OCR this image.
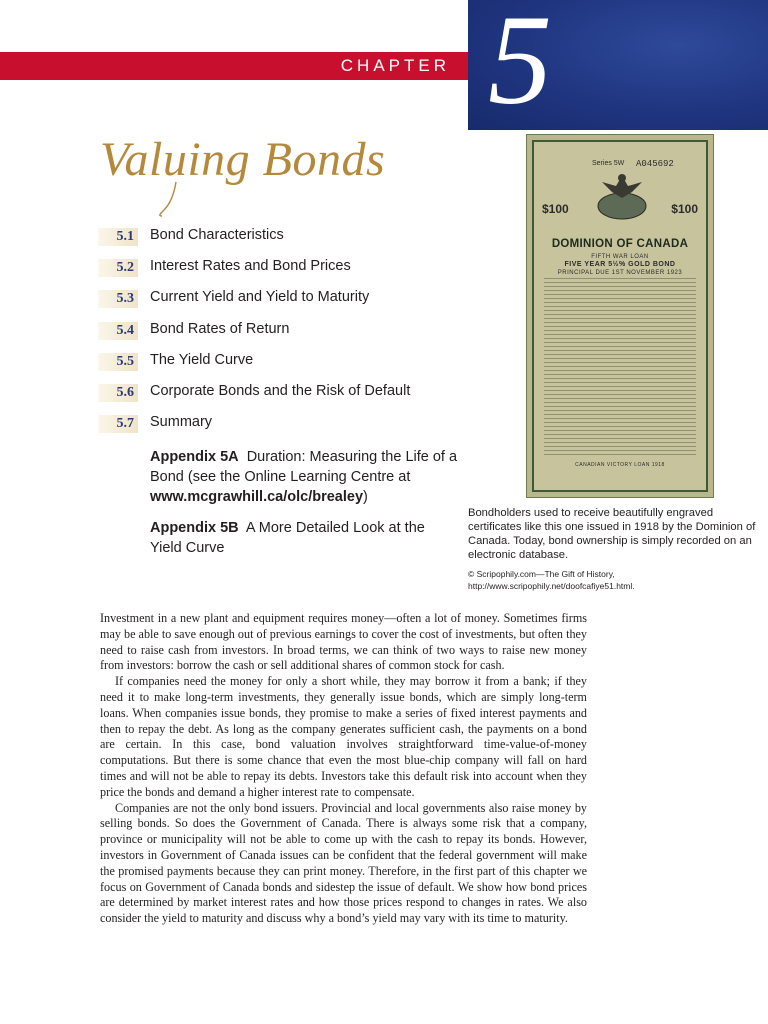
CHAPTER 5
Valuing Bonds
5.1 Bond Characteristics
5.2 Interest Rates and Bond Prices
5.3 Current Yield and Yield to Maturity
5.4 Bond Rates of Return
5.5 The Yield Curve
5.6 Corporate Bonds and the Risk of Default
5.7 Summary
Appendix 5A Duration: Measuring the Life of a Bond (see the Online Learning Centre at www.mcgrawhill.ca/olc/brealey)
Appendix 5B A More Detailed Look at the Yield Curve
Series 5W A045692
$100	$100
DOMINION OF CANADA
FIFTH WAR LOAN
FIVE YEAR 5½% GOLD BOND
PRINCIPAL DUE 1ST NOVEMBER 1923
CANADIAN VICTORY LOAN 1918
Bondholders used to receive beautifully engraved certificates like this one issued in 1918 by the Dominion of Canada. Today, bond ownership is simply recorded on an electronic database.
© Scripophily.com—The Gift of History,
http://www.scripophily.net/doofcafiye51.html.

Investment in a new plant and equipment requires money—often a lot of money. Sometimes firms may be able to save enough out of previous earnings to cover the cost of investments, but often they need to raise cash from investors. In broad terms, we can think of two ways to raise new money from investors: borrow the cash or sell additional shares of common stock for cash.

If companies need the money for only a short while, they may borrow it from a bank; if they need it to make long-term investments, they generally issue bonds, which are simply long-term loans. When companies issue bonds, they promise to make a series of fixed interest payments and then to repay the debt. As long as the company generates sufficient cash, the payments on a bond are certain. In this case, bond valuation involves straightforward time-value-of-money computations. But there is some chance that even the most blue-chip company will fall on hard times and will not be able to repay its debts. Investors take this default risk into account when they price the bonds and demand a higher interest rate to compensate.

Companies are not the only bond issuers. Provincial and local governments also raise money by selling bonds. So does the Government of Canada. There is always some risk that a company, province or municipality will not be able to come up with the cash to repay its bonds. However, investors in Government of Canada issues can be confident that the federal government will make the promised payments because they can print money. Therefore, in the first part of this chapter we focus on Government of Canada bonds and sidestep the issue of default. We show how bond prices are determined by market interest rates and how those prices respond to changes in rates. We also consider the yield to maturity and discuss why a bond’s yield may vary with its time to maturity.
